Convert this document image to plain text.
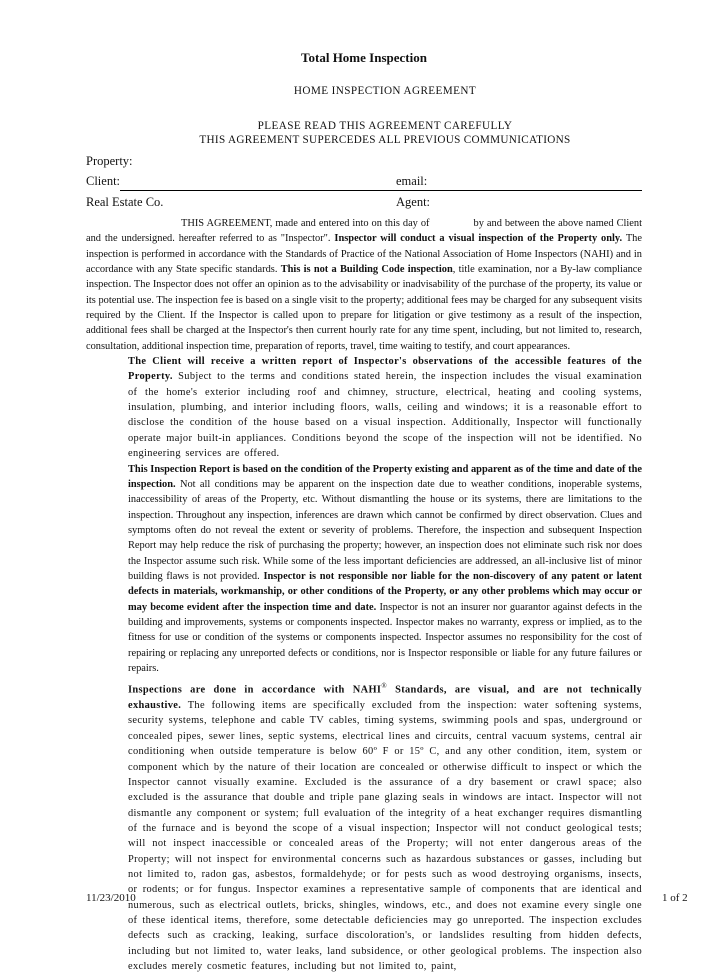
Total Home Inspection
HOME INSPECTION AGREEMENT
PLEASE READ THIS AGREEMENT CAREFULLY
THIS AGREEMENT SUPERCEDES ALL PREVIOUS COMMUNICATIONS
Property:
Client:	email:
Real Estate Co.	Agent:

THIS AGREEMENT, made and entered into on this day of	by and between the above named Client and the undersigned. hereafter referred to as "Inspector". Inspector will conduct a visual inspection of the Property only. The inspection is performed in accordance with the Standards of Practice of the National Association of Home Inspectors (NAHI) and in accordance with any State specific standards. This is not a Building Code inspection, title examination, nor a By-law compliance inspection. The Inspector does not offer an opinion as to the advisability or inadvisability of the purchase of the property, its value or its potential use. The inspection fee is based on a single visit to the property; additional fees may be charged for any subsequent visits required by the Client. If the Inspector is called upon to prepare for litigation or give testimony as a result of the inspection, additional fees shall be charged at the Inspector's then current hourly rate for any time spent, including, but not limited to, research, consultation, additional inspection time, preparation of reports, travel, time waiting to testify, and court appearances.

The Client will receive a written report of Inspector's observations of the accessible features of the Property. Subject to the terms and conditions stated herein, the inspection includes the visual examination of the home's exterior including roof and chimney, structure, electrical, heating and cooling systems, insulation, plumbing, and interior including floors, walls, ceiling and windows; it is a reasonable effort to disclose the condition of the house based on a visual inspection. Additionally, Inspector will functionally operate major built-in appliances. Conditions beyond the scope of the inspection will not be identified. No engineering services are offered.

This Inspection Report is based on the condition of the Property existing and apparent as of the time and date of the inspection. Not all conditions may be apparent on the inspection date due to weather conditions, inoperable systems, inaccessibility of areas of the Property, etc. Without dismantling the house or its systems, there are limitations to the inspection. Throughout any inspection, inferences are drawn which cannot be confirmed by direct observation. Clues and symptoms often do not reveal the extent or severity of problems. Therefore, the inspection and subsequent Inspection Report may help reduce the risk of purchasing the property; however, an inspection does not eliminate such risk nor does the Inspector assume such risk. While some of the less important deficiencies are addressed, an all-inclusive list of minor building flaws is not provided. Inspector is not responsible nor liable for the non-discovery of any patent or latent defects in materials, workmanship, or other conditions of the Property, or any other problems which may occur or may become evident after the inspection time and date. Inspector is not an insurer nor guarantor against defects in the building and improvements, systems or components inspected. Inspector makes no warranty, express or implied, as to the fitness for use or condition of the systems or components inspected. Inspector assumes no responsibility for the cost of repairing or replacing any unreported defects or conditions, nor is Inspector responsible or liable for any future failures or repairs.

Inspections are done in accordance with NAHI® Standards, are visual, and are not technically exhaustive. The following items are specifically excluded from the inspection: water softening systems, security systems, telephone and cable TV cables, timing systems, swimming pools and spas, underground or concealed pipes, sewer lines, septic systems, electrical lines and circuits, central vacuum systems, central air conditioning when outside temperature is below 60º F or 15º C, and any other condition, item, system or component which by the nature of their location are concealed or otherwise difficult to inspect or which the Inspector cannot visually examine. Excluded is the assurance of a dry basement or crawl space; also excluded is the assurance that double and triple pane glazing seals in windows are intact. Inspector will not dismantle any component or system; full evaluation of the integrity of a heat exchanger requires dismantling of the furnace and is beyond the scope of a visual inspection; Inspector will not conduct geological tests; will not inspect inaccessible or concealed areas of the Property; will not enter dangerous areas of the Property; will not inspect for environmental concerns such as hazardous substances or gasses, including but not limited to, radon gas, asbestos, formaldehyde; or for pests such as wood destroying organisms, insects, or rodents; or for fungus. Inspector examines a representative sample of components that are identical and numerous, such as electrical outlets, bricks, shingles, windows, etc., and does not examine every single one of these identical items, therefore, some detectable deficiencies may go unreported. The inspection excludes defects such as cracking, leaking, surface discoloration's, or landslides resulting from hidden defects, including but not limited to, water leaks, land subsidence, or other geological problems. The inspection also excludes merely cosmetic features, including but not limited to, paint,

11/23/2010	1 of 2
